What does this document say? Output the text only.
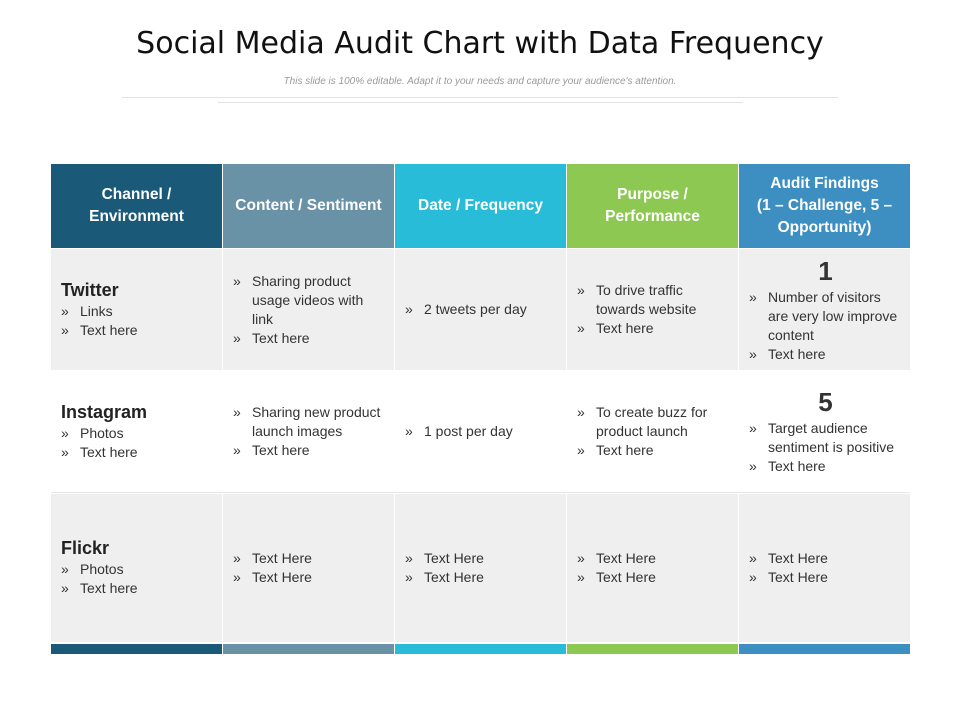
Social Media Audit Chart with Data Frequency
This slide is 100% editable. Adapt it to your needs and capture your audience's attention.
Channel /
Environment
Content / Sentiment	Date / Frequency
Purpose /
Performance
Audit Findings
(1 – Challenge, 5 –
Opportunity)
Twitter
» Links
» Text here
» Sharing product usage videos with link
» Text here
» 2 tweets per day
» To drive traffic towards website
» Text here
1
» Number of visitors are very low improve content
» Text here
Instagram
» Photos
» Text here
» Sharing new product launch images
» Text here
» 1 post per day
» To create buzz for product launch
» Text here
5
» Target audience sentiment is positive
» Text here
Flickr
» Photos
» Text here
» Text Here
» Text Here
» Text Here
» Text Here
» Text Here
» Text Here
» Text Here
» Text Here
